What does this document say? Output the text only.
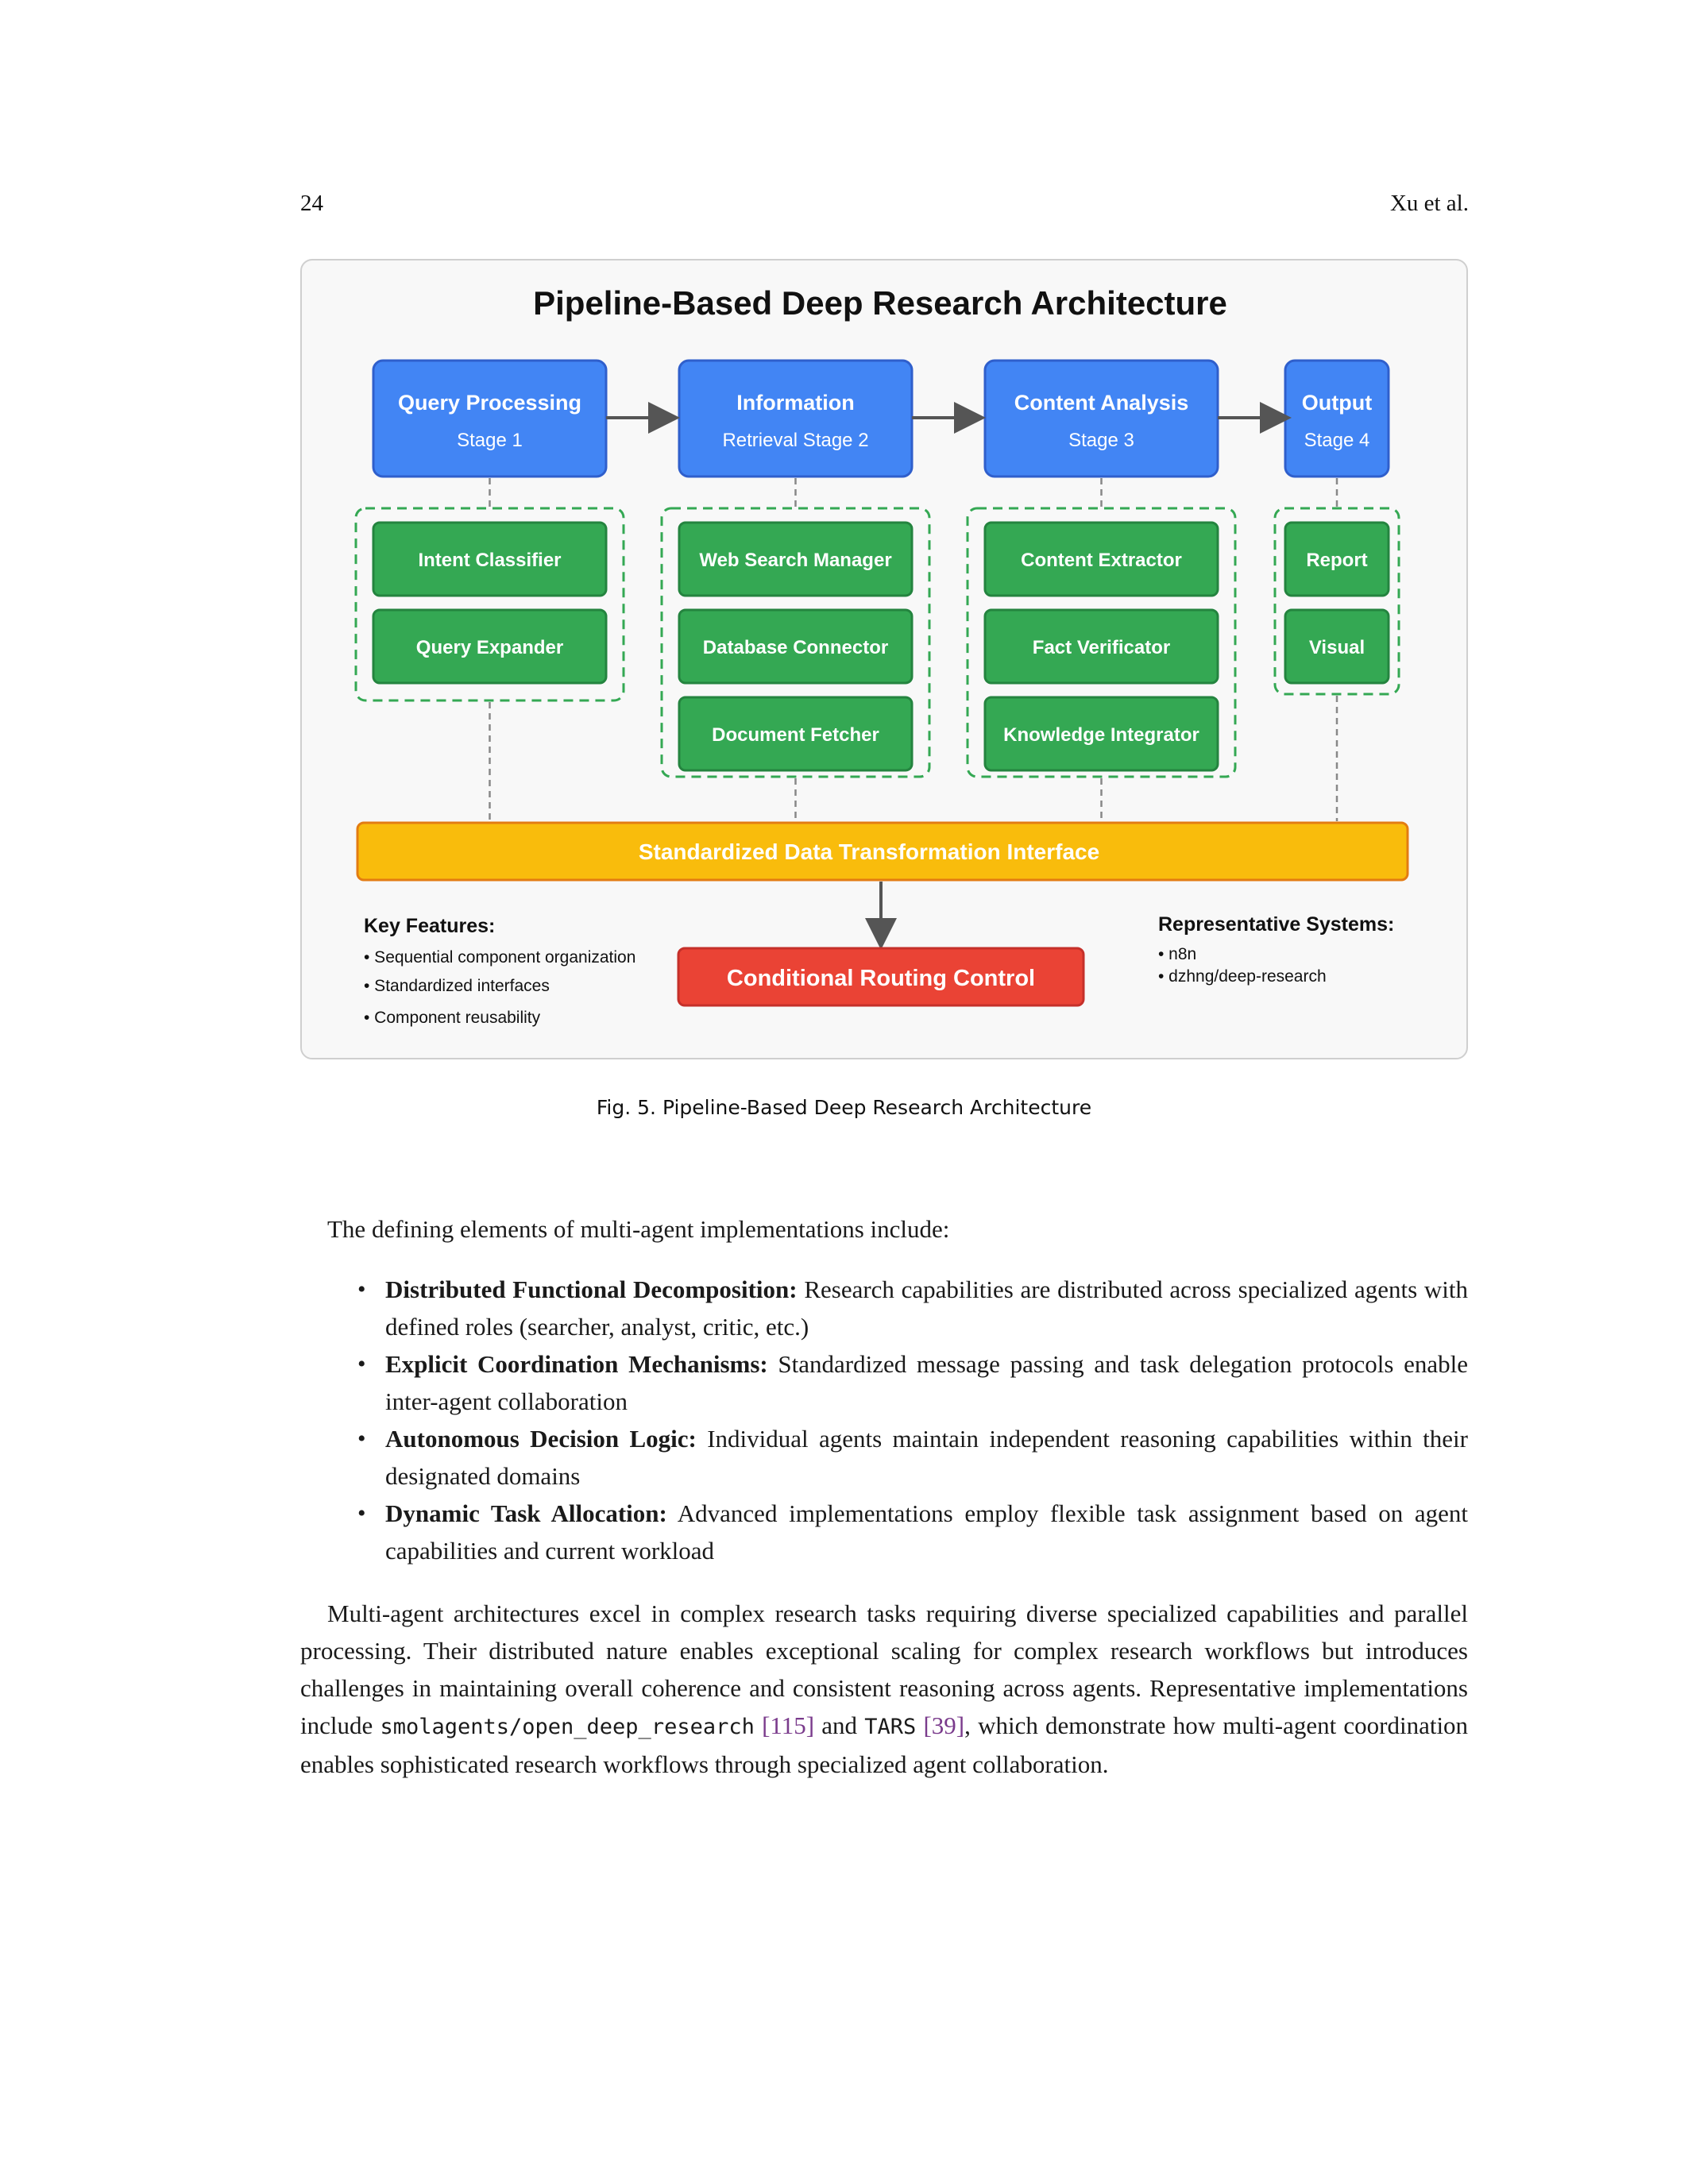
24	Xu et al.
Pipeline-Based Deep Research Architecture
Query Processing
Stage 1
Information
Retrieval Stage 2
Content Analysis
Stage 3
Output
Stage 4
Intent Classifier
Query Expander
Web Search Manager
Database Connector
Document Fetcher
Content Extractor
Fact Verificator
Knowledge Integrator
Report
Visual
Standardized Data Transformation Interface
Conditional Routing Control
Key Features:
• Sequential component organization
• Standardized interfaces
• Component reusability
Representative Systems:
• n8n
• dzhng/deep-research
Fig. 5. Pipeline-Based Deep Research Architecture
The defining elements of multi-agent implementations include:
• Distributed Functional Decomposition: Research capabilities are distributed across specialized agents with defined roles (searcher, analyst, critic, etc.)
• Explicit Coordination Mechanisms: Standardized message passing and task delegation protocols enable inter-agent collaboration
• Autonomous Decision Logic: Individual agents maintain independent reasoning capabilities within their designated domains
• Dynamic Task Allocation: Advanced implementations employ flexible task assignment based on agent capabilities and current workload
Multi-agent architectures excel in complex research tasks requiring diverse specialized capabilities and parallel processing. Their distributed nature enables exceptional scaling for complex research workflows but introduces challenges in maintaining overall coherence and consistent reasoning across agents. Representative implementations include smolagents/open_deep_research [115] and TARS [39], which demonstrate how multi-agent coordination enables sophisticated research workflows through specialized agent collaboration.
